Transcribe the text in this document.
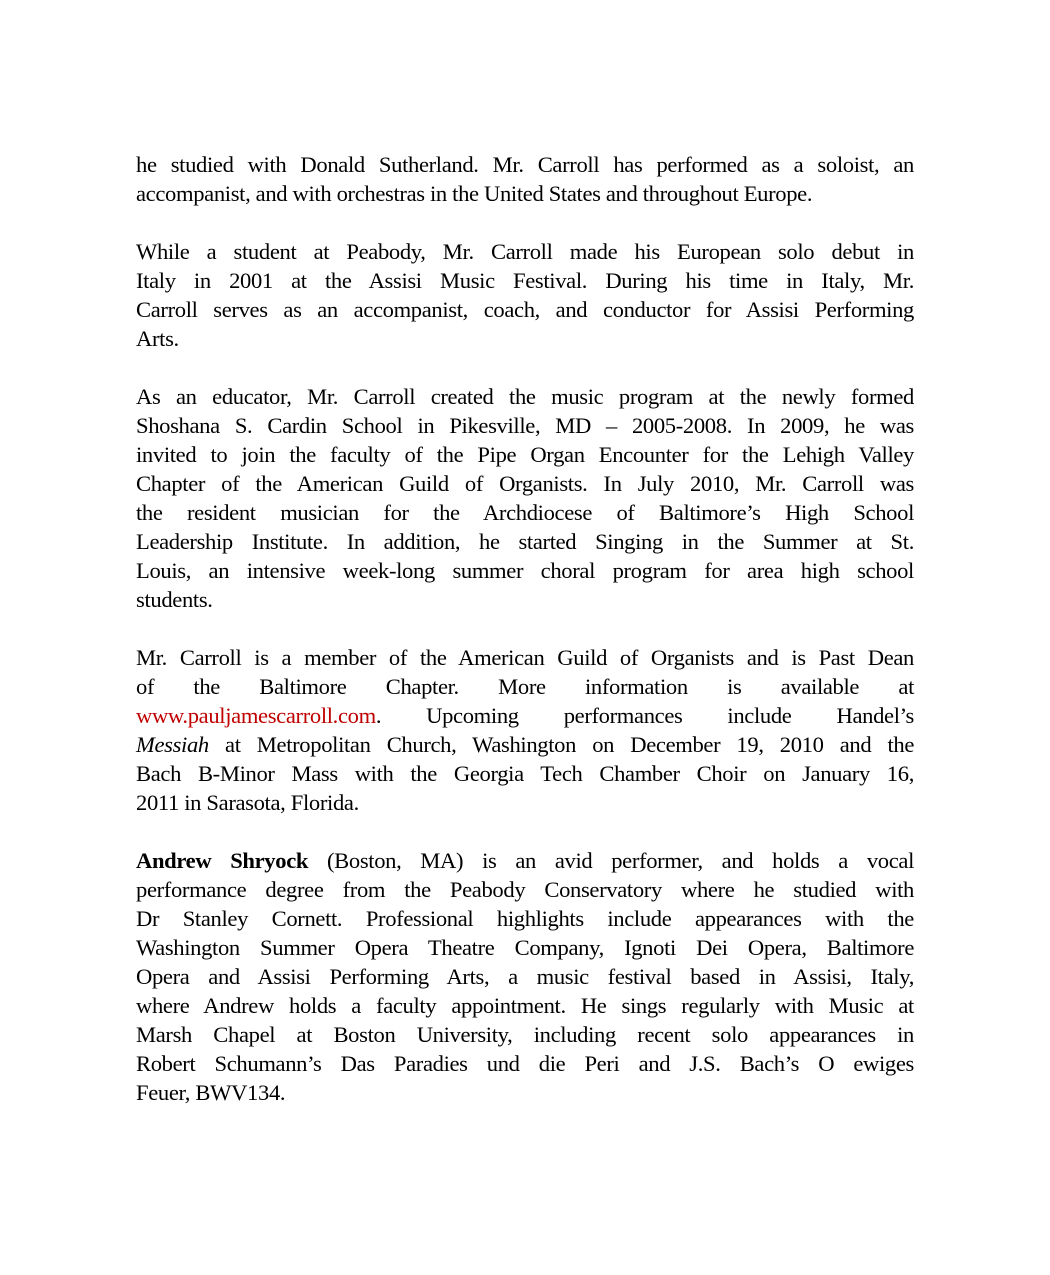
he studied with Donald Sutherland. Mr. Carroll has performed as a soloist, an
accompanist, and with orchestras in the United States and throughout Europe.
While a student at Peabody, Mr. Carroll made his European solo debut in
Italy in 2001 at the Assisi Music Festival. During his time in Italy, Mr.
Carroll serves as an accompanist, coach, and conductor for Assisi Performing
Arts.
As an educator, Mr. Carroll created the music program at the newly formed
Shoshana S. Cardin School in Pikesville, MD – 2005-2008. In 2009, he was
invited to join the faculty of the Pipe Organ Encounter for the Lehigh Valley
Chapter of the American Guild of Organists. In July 2010, Mr. Carroll was
the resident musician for the Archdiocese of Baltimore’s High School
Leadership Institute. In addition, he started Singing in the Summer at St.
Louis, an intensive week-long summer choral program for area high school
students.
Mr. Carroll is a member of the American Guild of Organists and is Past Dean
of the Baltimore Chapter. More information is available at
www.pauljamescarroll.com. Upcoming performances include Handel’s
Messiah at Metropolitan Church, Washington on December 19, 2010 and the
Bach B-Minor Mass with the Georgia Tech Chamber Choir on January 16,
2011 in Sarasota, Florida.
Andrew Shryock (Boston, MA) is an avid performer, and holds a vocal
performance degree from the Peabody Conservatory where he studied with
Dr Stanley Cornett. Professional highlights include appearances with the
Washington Summer Opera Theatre Company, Ignoti Dei Opera, Baltimore
Opera and Assisi Performing Arts, a music festival based in Assisi, Italy,
where Andrew holds a faculty appointment. He sings regularly with Music at
Marsh Chapel at Boston University, including recent solo appearances in
Robert Schumann’s Das Paradies und die Peri and J.S. Bach’s O ewiges
Feuer, BWV134.
